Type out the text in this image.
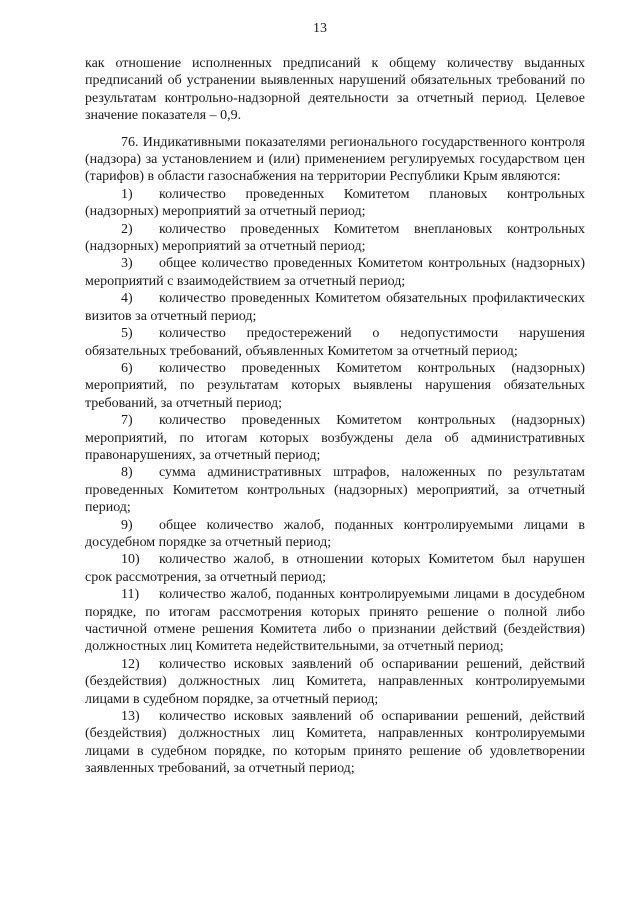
13

как отношение исполненных предписаний к общему количеству выданных предписаний об устранении выявленных нарушений обязательных требований по результатам контрольно-надзорной деятельности за отчетный период. Целевое значение показателя – 0,9.

76. Индикативными показателями регионального государственного контроля (надзора) за установлением и (или) применением регулируемых государством цен (тарифов) в области газоснабжения на территории Республики Крым являются:

1) количество проведенных Комитетом плановых контрольных (надзорных) мероприятий за отчетный период;

2) количество проведенных Комитетом внеплановых контрольных (надзорных) мероприятий за отчетный период;

3) общее количество проведенных Комитетом контрольных (надзорных) мероприятий с взаимодействием за отчетный период;

4) количество проведенных Комитетом обязательных профилактических визитов за отчетный период;

5) количество предостережений о недопустимости нарушения обязательных требований, объявленных Комитетом за отчетный период;

6) количество проведенных Комитетом контрольных (надзорных) мероприятий, по результатам которых выявлены нарушения обязательных требований, за отчетный период;

7) количество проведенных Комитетом контрольных (надзорных) мероприятий, по итогам которых возбуждены дела об административных правонарушениях, за отчетный период;

8) сумма административных штрафов, наложенных по результатам проведенных Комитетом контрольных (надзорных) мероприятий, за отчетный период;

9) общее количество жалоб, поданных контролируемыми лицами в досудебном порядке за отчетный период;

10) количество жалоб, в отношении которых Комитетом был нарушен срок рассмотрения, за отчетный период;

11) количество жалоб, поданных контролируемыми лицами в досудебном порядке, по итогам рассмотрения которых принято решение о полной либо частичной отмене решения Комитета либо о признании действий (бездействия) должностных лиц Комитета недействительными, за отчетный период;

12) количество исковых заявлений об оспаривании решений, действий (бездействия) должностных лиц Комитета, направленных контролируемыми лицами в судебном порядке, за отчетный период;

13) количество исковых заявлений об оспаривании решений, действий (бездействия) должностных лиц Комитета, направленных контролируемыми лицами в судебном порядке, по которым принято решение об удовлетворении заявленных требований, за отчетный период;
